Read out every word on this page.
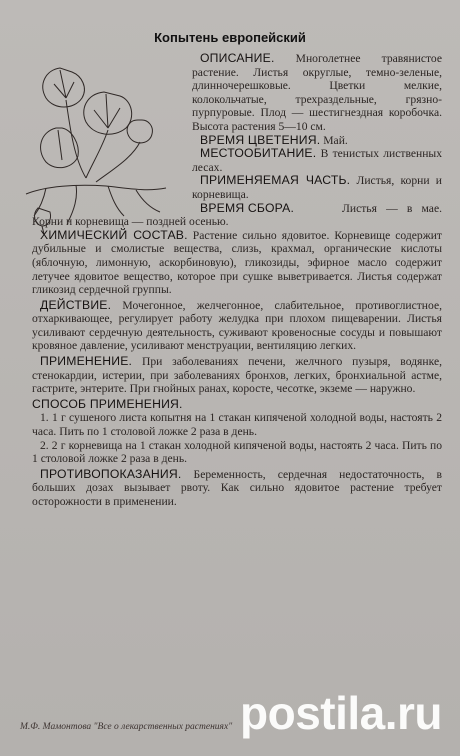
Копытень европейский

ОПИСАНИЕ. Многолетнее травянистое растение. Листья округлые, темно-зеленые, длинночерешковые. Цветки мелкие, колокольчатые, трехраздельные, грязно-пурпуровые. Плод — шестигнездная коробочка. Высота растения 5—10 см.

ВРЕМЯ ЦВЕТЕНИЯ. Май.

МЕСТООБИТАНИЕ. В тенистых лиственных лесах.

ПРИМЕНЯЕМАЯ ЧАСТЬ. Листья, корни и корневища.

ВРЕМЯ СБОРА.	Листья — в мае. Корни и корневища — поздней осенью.

ХИМИЧЕСКИЙ СОСТАВ. Растение сильно ядовитое. Корневище содержит дубильные и смолистые вещества, слизь, крахмал, органические кислоты (яблочную, лимонную, аскорбиновую), гликозиды, эфирное масло содержит летучее ядовитое вещество, которое при сушке выветривается. Листья содержат гликозид сердечной группы.

ДЕЙСТВИЕ. Мочегонное, желчегонное, слабительное, противоглистное, отхаркивающее, регулирует работу желудка при плохом пищеварении. Листья усиливают сердечную деятельность, суживают кровеносные сосуды и повышают кровяное давление, усиливают менструации, вентиляцию легких.

ПРИМЕНЕНИЕ. При заболеваниях печени, желчного пузыря, водянке, стенокардии, истерии, при заболеваниях бронхов, легких, бронхиальной астме, гастрите, энтерите. При гнойных ранах, коросте, чесотке, экземе — наружно.

СПОСОБ ПРИМЕНЕНИЯ.

1. 1 г сушеного листа копытня на 1 стакан кипяченой холодной воды, настоять 2 часа. Пить по 1 столовой ложке 2 раза в день.

2. 2 г корневища на 1 стакан холодной кипяченой воды, настоять 2 часа. Пить по 1 столовой ложке 2 раза в день.

ПРОТИВОПОКАЗАНИЯ. Беременность, сердечная недостаточность, в больших дозах вызывает рвоту. Как сильно ядовитое растение требует осторожности в применении.

М.Ф. Мамонтова "Все о лекарственных растениях" postila.ru
